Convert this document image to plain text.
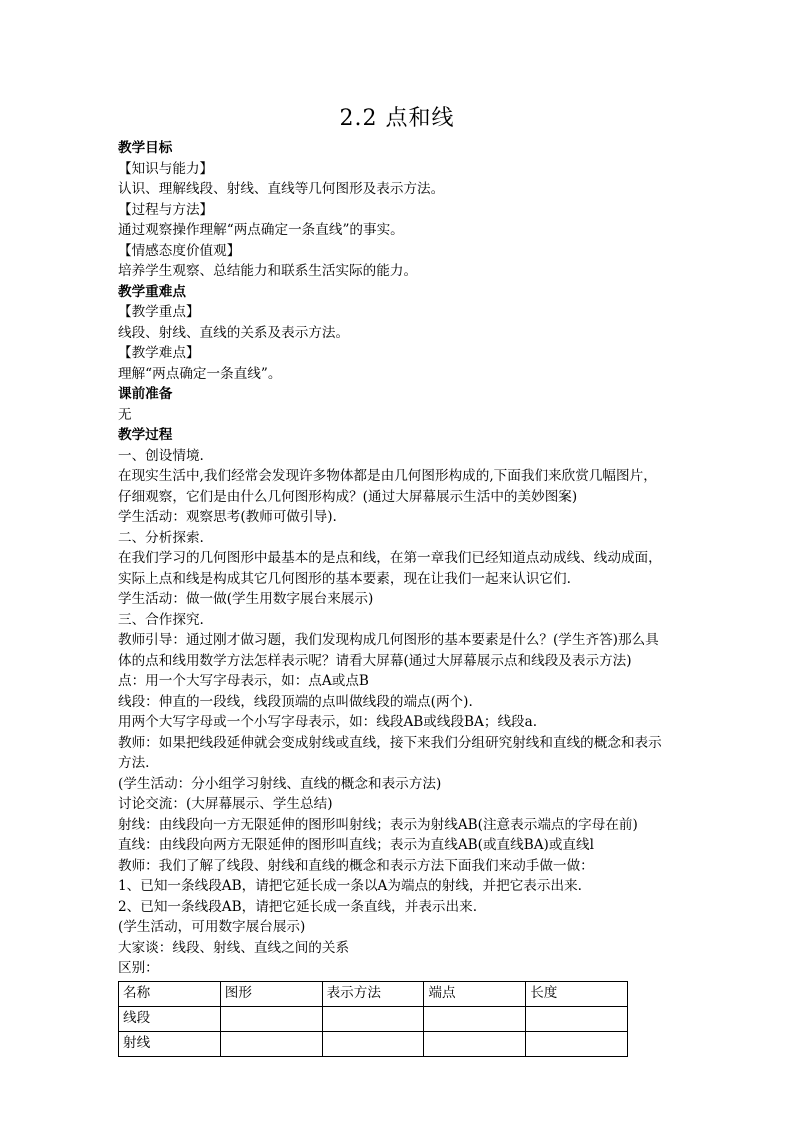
2.2 点和线
教学目标
【知识与能力】
认识、理解线段、射线、直线等几何图形及表示方法。
【过程与方法】
通过观察操作理解“两点确定一条直线”的事实。
【情感态度价值观】
培养学生观察、总结能力和联系生活实际的能力。
教学重难点
【教学重点】
线段、射线、直线的关系及表示方法。
【教学难点】
理解“两点确定一条直线”。
课前准备
无
教学过程
一、创设情境.
在现实生活中,我们经常会发现许多物体都是由几何图形构成的,下面我们来欣赏几幅图片，
仔细观察，它们是由什么几何图形构成？(通过大屏幕展示生活中的美妙图案)
学生活动：观察思考(教师可做引导).
二、分析探索.
在我们学习的几何图形中最基本的是点和线，在第一章我们已经知道点动成线、线动成面，
实际上点和线是构成其它几何图形的基本要素，现在让我们一起来认识它们.
学生活动：做一做(学生用数字展台来展示)
三、合作探究.
教师引导：通过刚才做习题，我们发现构成几何图形的基本要素是什么？(学生齐答)那么具
体的点和线用数学方法怎样表示呢？请看大屏幕(通过大屏幕展示点和线段及表示方法)
点：用一个大写字母表示，如：点A或点B
线段：伸直的一段线，线段顶端的点叫做线段的端点(两个).
用两个大写字母或一个小写字母表示，如：线段AB或线段BA；线段a.
教师：如果把线段延伸就会变成射线或直线，接下来我们分组研究射线和直线的概念和表示
方法.
(学生活动：分小组学习射线、直线的概念和表示方法)
讨论交流：(大屏幕展示、学生总结)
射线：由线段向一方无限延伸的图形叫射线；表示为射线AB(注意表示端点的字母在前)
直线：由线段向两方无限延伸的图形叫直线；表示为直线AB(或直线BA)或直线l
教师：我们了解了线段、射线和直线的概念和表示方法下面我们来动手做一做：
1、已知一条线段AB，请把它延长成一条以A为端点的射线，并把它表示出来.
2、已知一条线段AB，请把它延长成一条直线，并表示出来.
(学生活动，可用数字展台展示)
大家谈：线段、射线、直线之间的关系
区别：
名称	图形	表示方法	端点	长度
线段				
射线				
